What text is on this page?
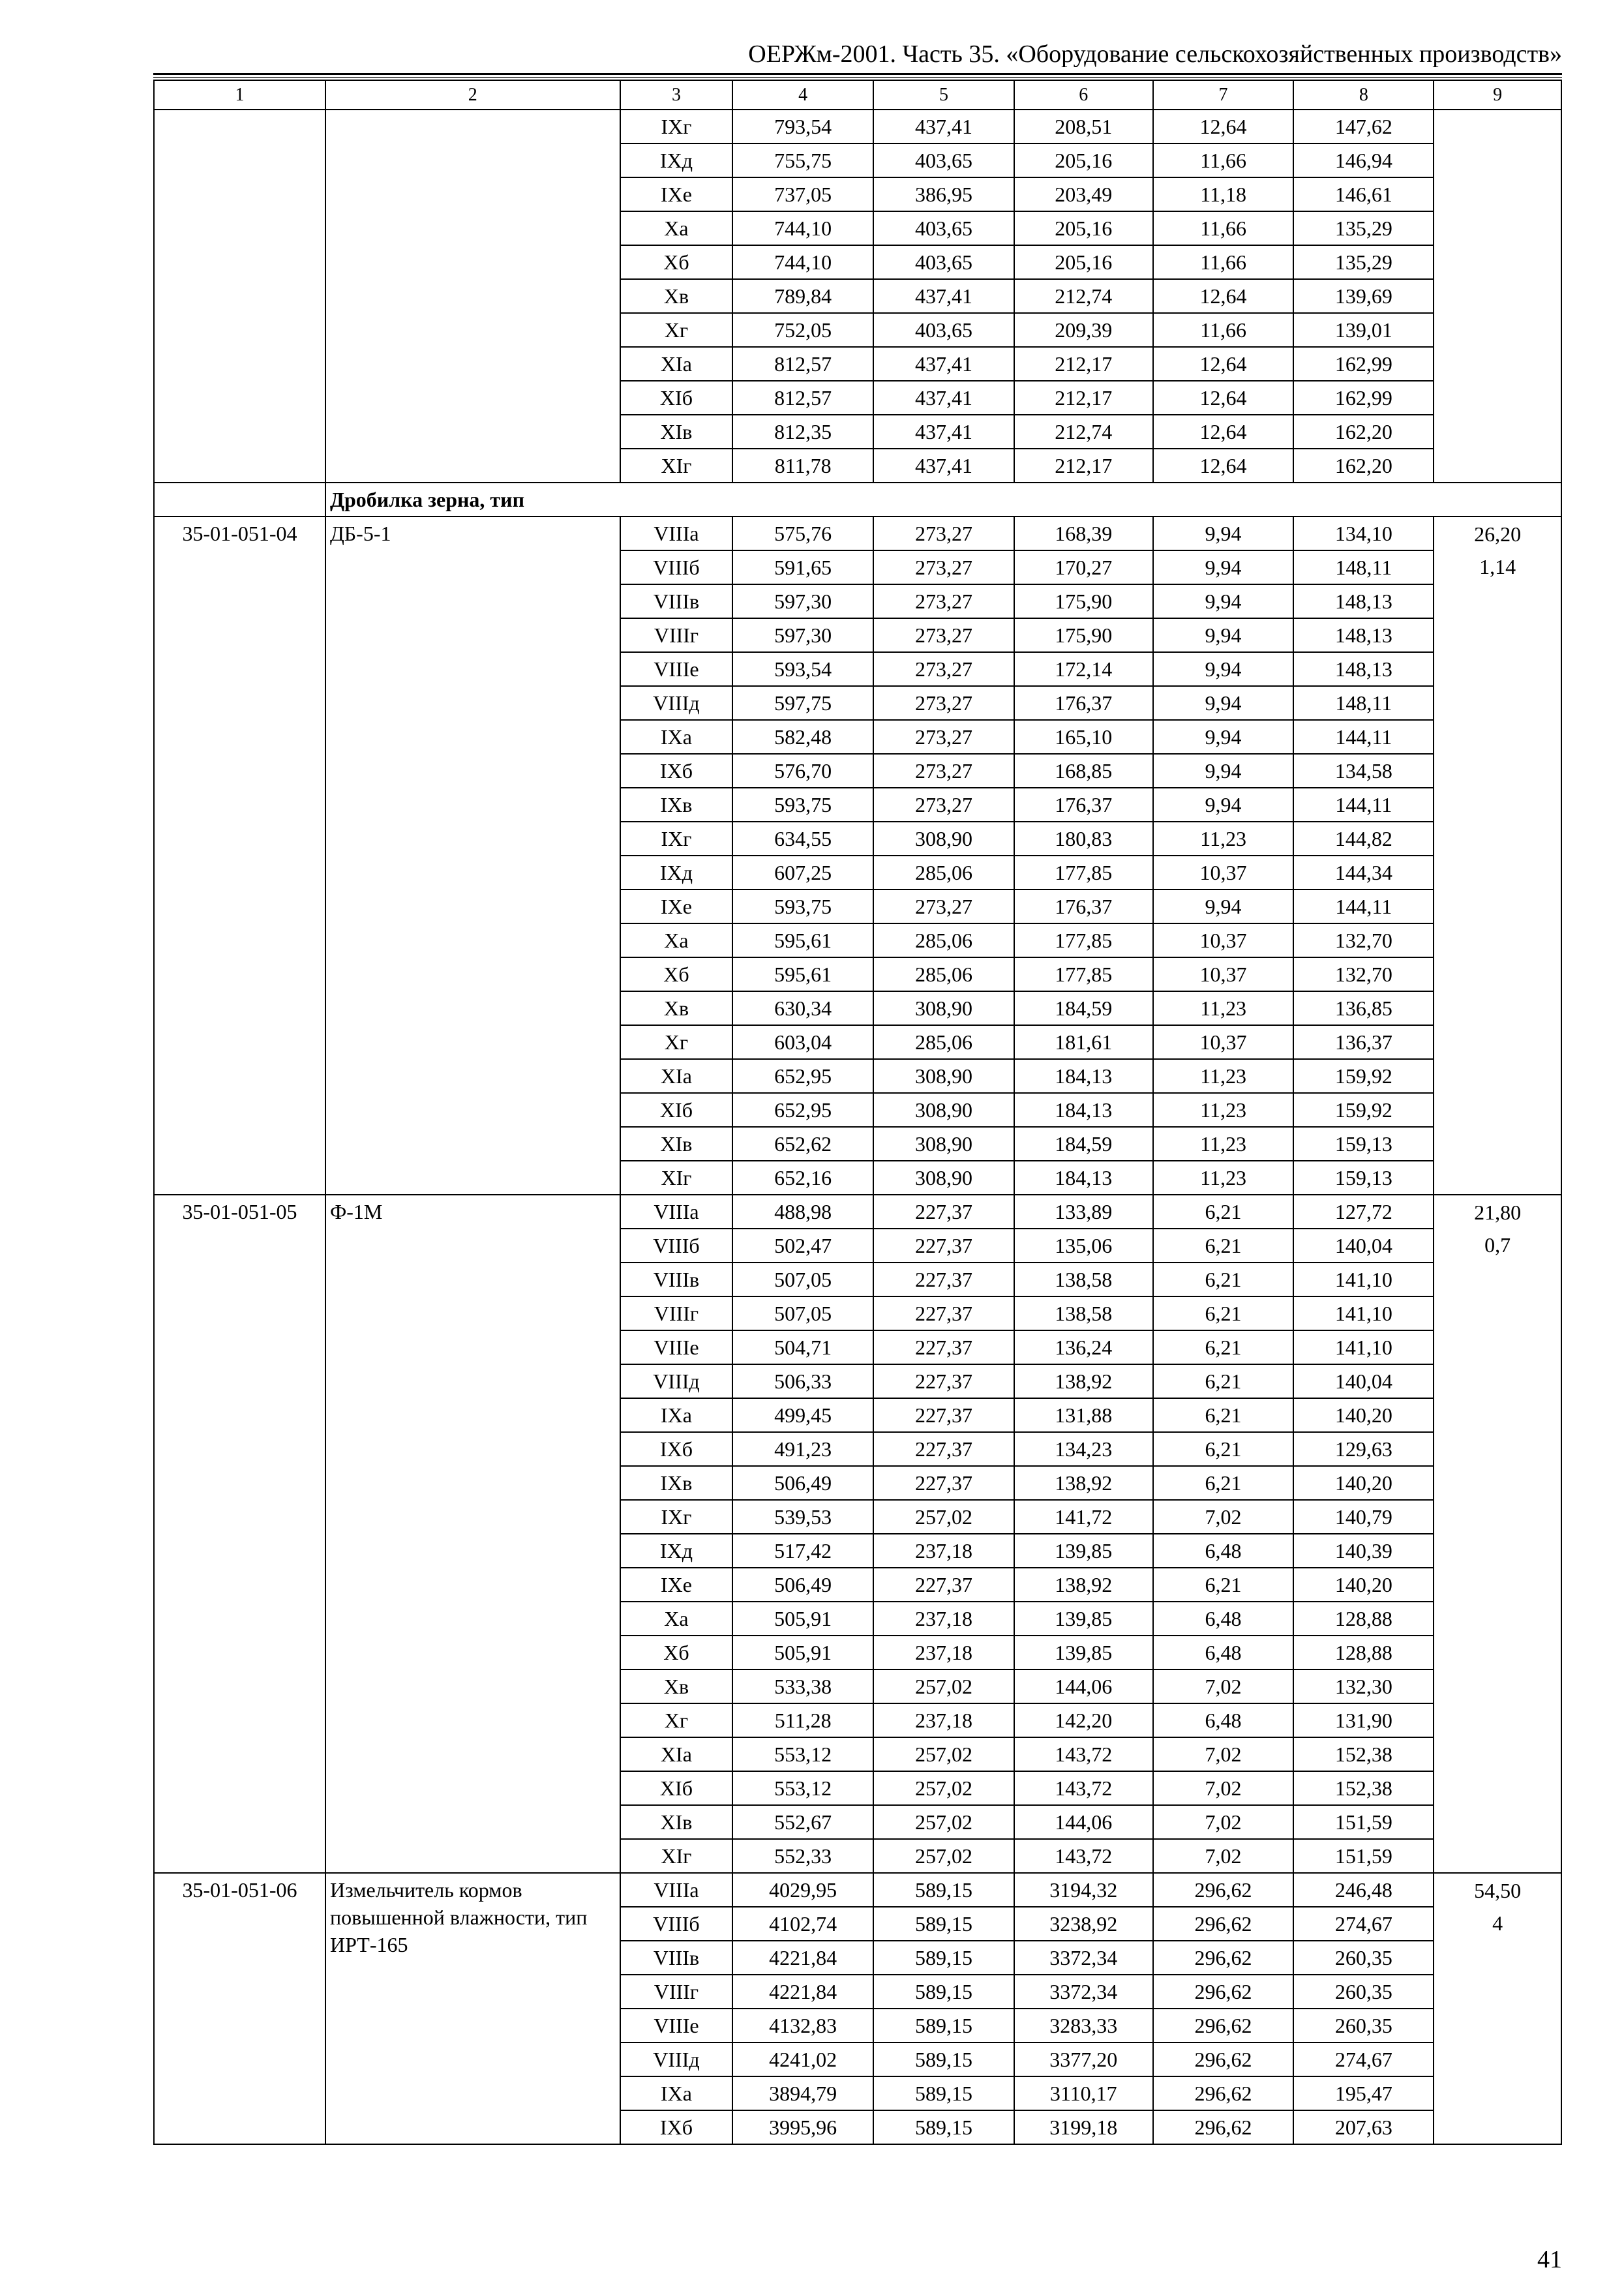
ОЕРЖм-2001. Часть 35. «Оборудование сельскохозяйственных производств»
1	2	3	4	5	6	7	8	9
		IXг	793,54	437,41	208,51	12,64	147,62	
		IXд	755,75	403,65	205,16	11,66	146,94	
		IXе	737,05	386,95	203,49	11,18	146,61	
		Xа	744,10	403,65	205,16	11,66	135,29	
		Xб	744,10	403,65	205,16	11,66	135,29	
		Xв	789,84	437,41	212,74	12,64	139,69	
		Xг	752,05	403,65	209,39	11,66	139,01	
		XIа	812,57	437,41	212,17	12,64	162,99	
		XIб	812,57	437,41	212,17	12,64	162,99	
		XIв	812,35	437,41	212,74	12,64	162,20	
		XIг	811,78	437,41	212,17	12,64	162,20	
	Дробилка зерна, тип							
35-01-051-04	ДБ-5-1	VIIIа	575,76	273,27	168,39	9,94	134,10	26,20
		VIIIб	591,65	273,27	170,27	9,94	148,11	1,14
		VIIIв	597,30	273,27	175,90	9,94	148,13	
		VIIIг	597,30	273,27	175,90	9,94	148,13	
		VIIIе	593,54	273,27	172,14	9,94	148,13	
		VIIIд	597,75	273,27	176,37	9,94	148,11	
		IXа	582,48	273,27	165,10	9,94	144,11	
		IXб	576,70	273,27	168,85	9,94	134,58	
		IXв	593,75	273,27	176,37	9,94	144,11	
		IXг	634,55	308,90	180,83	11,23	144,82	
		IXд	607,25	285,06	177,85	10,37	144,34	
		IXе	593,75	273,27	176,37	9,94	144,11	
		Xа	595,61	285,06	177,85	10,37	132,70	
		Xб	595,61	285,06	177,85	10,37	132,70	
		Xв	630,34	308,90	184,59	11,23	136,85	
		Xг	603,04	285,06	181,61	10,37	136,37	
		XIа	652,95	308,90	184,13	11,23	159,92	
		XIб	652,95	308,90	184,13	11,23	159,92	
		XIв	652,62	308,90	184,59	11,23	159,13	
		XIг	652,16	308,90	184,13	11,23	159,13	
35-01-051-05	Ф-1М	VIIIа	488,98	227,37	133,89	6,21	127,72	21,80
		VIIIб	502,47	227,37	135,06	6,21	140,04	0,7
		VIIIв	507,05	227,37	138,58	6,21	141,10	
		VIIIг	507,05	227,37	138,58	6,21	141,10	
		VIIIе	504,71	227,37	136,24	6,21	141,10	
		VIIIд	506,33	227,37	138,92	6,21	140,04	
		IXа	499,45	227,37	131,88	6,21	140,20	
		IXб	491,23	227,37	134,23	6,21	129,63	
		IXв	506,49	227,37	138,92	6,21	140,20	
		IXг	539,53	257,02	141,72	7,02	140,79	
		IXд	517,42	237,18	139,85	6,48	140,39	
		IXе	506,49	227,37	138,92	6,21	140,20	
		Xа	505,91	237,18	139,85	6,48	128,88	
		Xб	505,91	237,18	139,85	6,48	128,88	
		Xв	533,38	257,02	144,06	7,02	132,30	
		Xг	511,28	237,18	142,20	6,48	131,90	
		XIа	553,12	257,02	143,72	7,02	152,38	
		XIб	553,12	257,02	143,72	7,02	152,38	
		XIв	552,67	257,02	144,06	7,02	151,59	
		XIг	552,33	257,02	143,72	7,02	151,59	
35-01-051-06	Измельчитель кормов повышенной влажности, тип ИРТ-165	VIIIа	4029,95	589,15	3194,32	296,62	246,48	54,50
		VIIIб	4102,74	589,15	3238,92	296,62	274,67	4
		VIIIв	4221,84	589,15	3372,34	296,62	260,35	
		VIIIг	4221,84	589,15	3372,34	296,62	260,35	
		VIIIе	4132,83	589,15	3283,33	296,62	260,35	
		VIIIд	4241,02	589,15	3377,20	296,62	274,67	
		IXа	3894,79	589,15	3110,17	296,62	195,47	
		IXб	3995,96	589,15	3199,18	296,62	207,63	
41
